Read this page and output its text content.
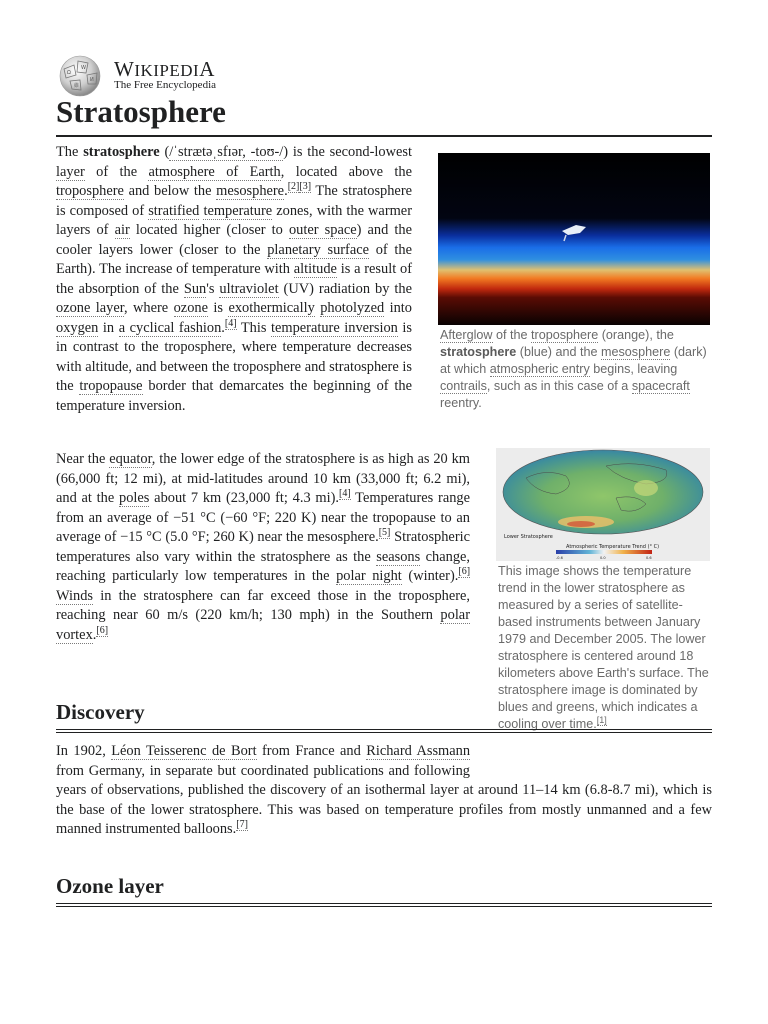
Ω
W
И
維
WIKIPEDIA
The Free Encyclopedia
Stratosphere

The stratosphere (/ˈstrætəˌsfɪər, -toʊ-/) is the second-lowest layer of the atmosphere of Earth, located above the troposphere and below the mesosphere.[2][3] The stratosphere is composed of stratified temperature zones, with the warmer layers of air located higher (closer to outer space) and the cooler layers lower (closer to the planetary surface of the Earth). The increase of temperature with altitude is a result of the absorption of the Sun's ultraviolet (UV) radiation by the ozone layer, where ozone is exothermically photolyzed into oxygen in a cyclical fashion.[4] This temperature inversion is in contrast to the troposphere, where temperature decreases with altitude, and between the troposphere and stratosphere is the tropopause border that demarcates the beginning of the temperature inversion.

Afterglow of the troposphere (orange), the stratosphere (blue) and the mesosphere (dark) at which atmospheric entry begins, leaving contrails, such as in this case of a spacecraft reentry.

Near the equator, the lower edge of the stratosphere is as high as 20 km (66,000 ft; 12 mi), at mid-latitudes around 10 km (33,000 ft; 6.2 mi), and at the poles about 7 km (23,000 ft; 4.3 mi).[4] Temperatures range from an average of −51 °C (−60 °F; 220 K) near the tropopause to an average of −15 °C (5.0 °F; 260 K) near the mesosphere.[5] Stratospheric temperatures also vary within the stratosphere as the seasons change, reaching particularly low temperatures in the polar night (winter).[6] Winds in the stratosphere can far exceed those in the troposphere, reaching near 60 m/s (220 km/h; 130 mph) in the Southern polar vortex.[6]

Lower Stratosphere
Atmospheric Temperature Trend (° C)
-0.6	0.0	0.6
This image shows the temperature trend in the lower stratosphere as measured by a series of satellite-based instruments between January 1979 and December 2005. The lower stratosphere is centered around 18 kilometers above Earth's surface. The stratosphere image is dominated by blues and greens, which indicates a cooling over time.[1]
Discovery
In 1902, Léon Teisserenc de Bort from France and Richard Assmann from Germany, in separate but coordinated publications and following years of observations, published the discovery of an isothermal layer at around 11–14 km (6.8-8.7 mi), which is the base of the lower stratosphere. This was based on temperature profiles from mostly unmanned and a few manned instrumented balloons.[7]
Ozone layer
